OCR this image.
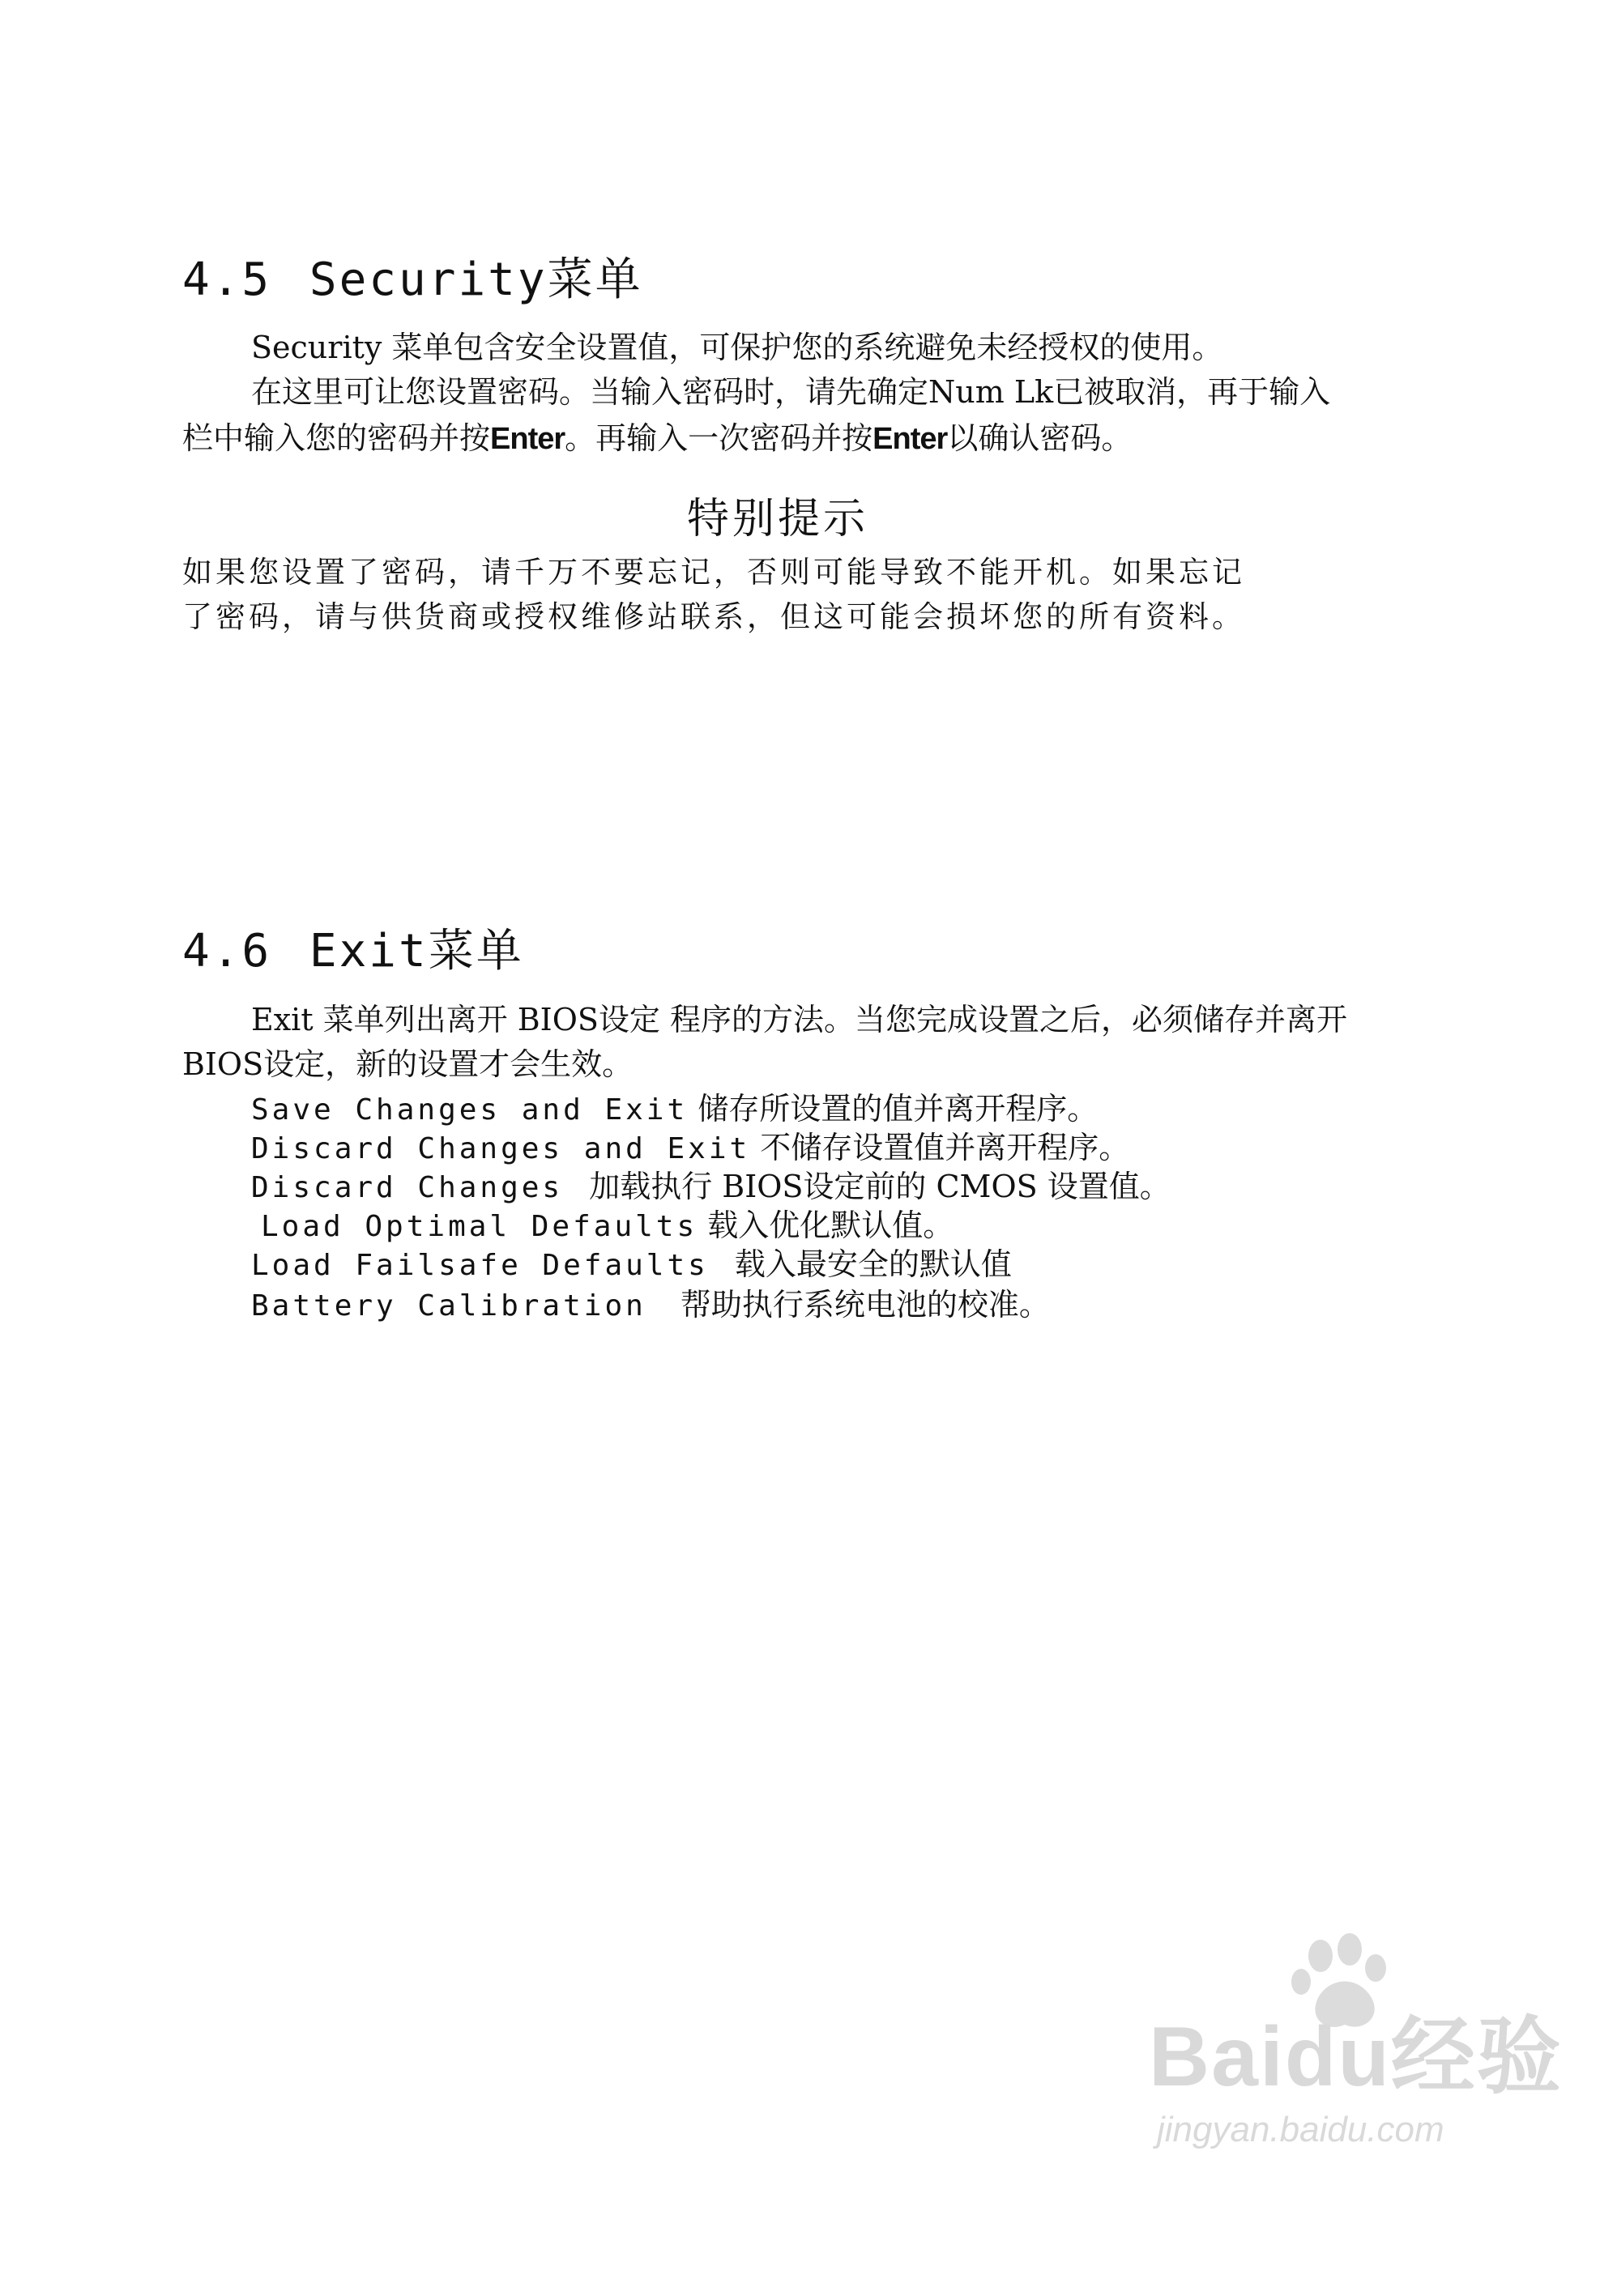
4.5 Security菜单
Security 菜单包含安全设置值，可保护您的系统避免未经授权的使用。
在这里可让您设置密码。当输入密码时，请先确定Num Lk已被取消，再于输入
栏中输入您的密码并按Enter。再输入一次密码并按Enter以确认密码。
特别提示
如果您设置了密码，请千万不要忘记，否则可能导致不能开机。如果忘记
了密码，请与供货商或授权维修站联系，但这可能会损坏您的所有资料。
4.6 Exit菜单
Exit 菜单列出离开 BIOS设定 程序的方法。当您完成设置之后，必须储存并离开
BIOS设定，新的设置才会生效。
Save Changes and Exit 储存所设置的值并离开程序。
Discard Changes and Exit 不储存设置值并离开程序。
Discard Changes 加载执行 BIOS设定前的 CMOS 设置值。
Load Optimal Defaults 载入优化默认值。
Load Failsafe Defaults 载入最安全的默认值
Battery Calibration 帮助执行系统电池的校准。
Baidu经验
jingyan.baidu.com
